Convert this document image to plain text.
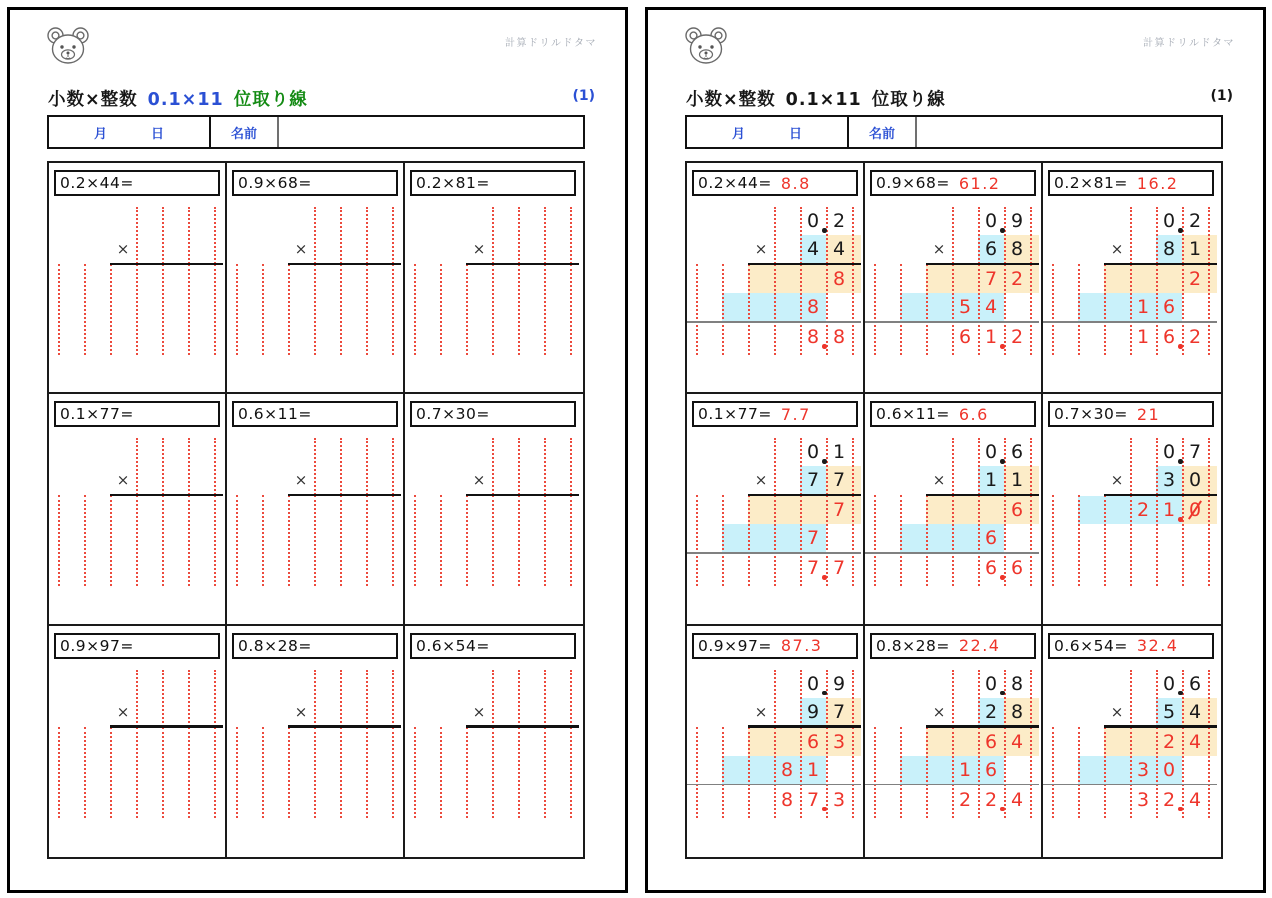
計算ドリルドタマ
小数×整数 0.1×11 位取り線	(1)
月	日	名前
×
0.2×44=
×
0.9×68=
×
0.2×81=
×
0.1×77=
×
0.6×11=
×
0.7×30=
×
0.9×97=
×
0.8×28=
×
0.6×54=
計算ドリルドタマ
小数×整数 0.1×11 位取り線	(1)
月	日	名前
×
0.2×44= 8.8
0 2
4 4
8
8
8 8
×
0.9×68= 61.2
0 9
6 8
7 2
5 4
6 1 2
×
0.2×81= 16.2
0 2
8 1
2
1 6
1 6 2
×
0.1×77= 7.7
0 1
7 7
7
7
7 7
×
0.6×11= 6.6
0 6
1 1
6
6
6 6
×
0.7×30= 21
0 7
3 0
2 1 0
×
0.9×97= 87.3
0 9
9 7
6 3
8 1
8 7 3
×
0.8×28= 22.4
0 8
2 8
6 4
1 6
2 2 4
×
0.6×54= 32.4
0 6
5 4
2 4
3 0
3 2 4
